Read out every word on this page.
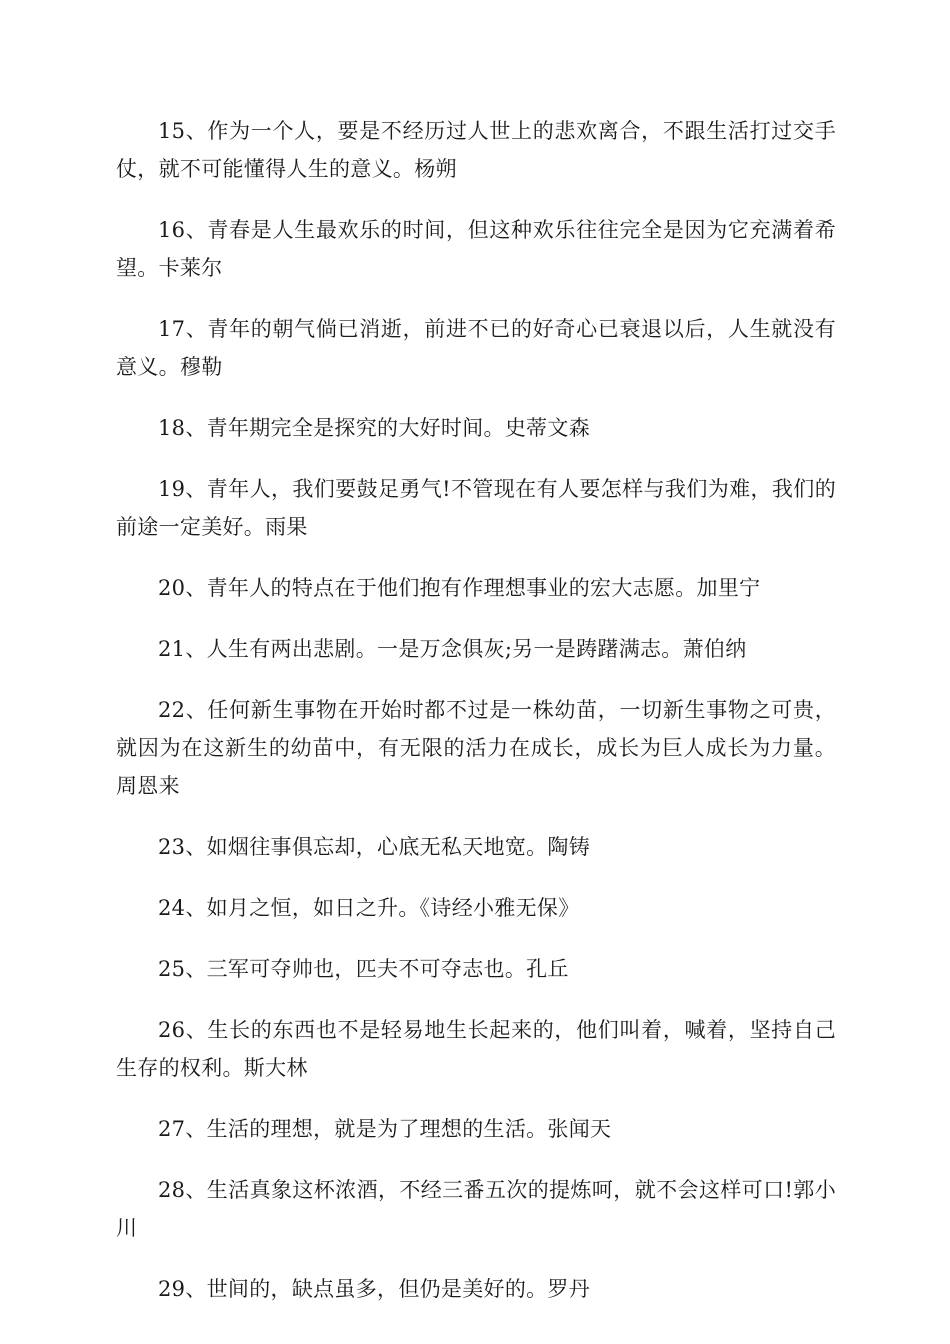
15、作为一个人，要是不经历过人世上的悲欢离合，不跟生活打过交手仗，就不可能懂得人生的意义。杨朔

16、青春是人生最欢乐的时间，但这种欢乐往往完全是因为它充满着希望。卡莱尔

17、青年的朝气倘已消逝，前进不已的好奇心已衰退以后，人生就没有意义。穆勒

18、青年期完全是探究的大好时间。史蒂文森

19、青年人，我们要鼓足勇气!不管现在有人要怎样与我们为难，我们的前途一定美好。雨果

20、青年人的特点在于他们抱有作理想事业的宏大志愿。加里宁

21、人生有两出悲剧。一是万念俱灰;另一是踌躇满志。萧伯纳

22、任何新生事物在开始时都不过是一株幼苗，一切新生事物之可贵，就因为在这新生的幼苗中，有无限的活力在成长，成长为巨人成长为力量。周恩来

23、如烟往事俱忘却，心底无私天地宽。陶铸

24、如月之恒，如日之升。《诗经小雅无保》

25、三军可夺帅也，匹夫不可夺志也。孔丘

26、生长的东西也不是轻易地生长起来的，他们叫着，喊着，坚持自己生存的权利。斯大林

27、生活的理想，就是为了理想的生活。张闻天

28、生活真象这杯浓酒，不经三番五次的提炼呵，就不会这样可口!郭小川

29、世间的，缺点虽多，但仍是美好的。罗丹
